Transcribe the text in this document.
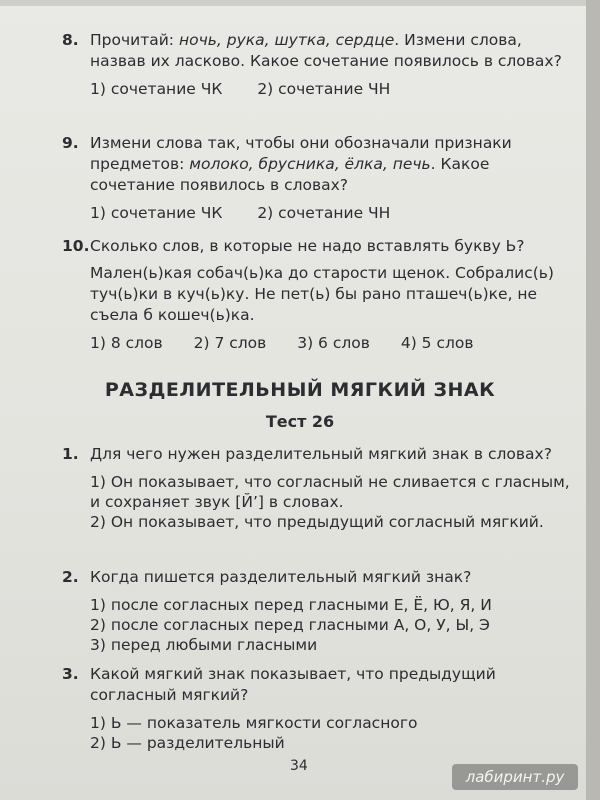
8. Прочитай: ночь, рука, шутка, сердце. Измени слова, назвав их ласково. Какое сочетание появилось в словах?
1) сочетание ЧК 2) сочетание ЧН
9. Измени слова так, чтобы они обозначали признаки предметов: молоко, брусника, ёлка, печь. Какое сочетание появилось в словах?
1) сочетание ЧК 2) сочетание ЧН
10. Сколько слов, в которые не надо вставлять букву Ь?
Мален(ь)кая собач(ь)ка до старости щенок. Собралис(ь) туч(ь)ки в куч(ь)ку. Не пет(ь) бы рано пташеч(ь)ке, не съела б кошеч(ь)ка.
1) 8 слов 2) 7 слов 3) 6 слов 4) 5 слов
РАЗДЕЛИТЕЛЬНЫЙ МЯГКИЙ ЗНАК
Тест 26
1. Для чего нужен разделительный мягкий знак в словах?
1) Он показывает, что согласный не сливается с гласным, и сохраняет звук [Й’] в словах.
2) Он показывает, что предыдущий согласный мягкий.
2. Когда пишется разделительный мягкий знак?
1) после согласных перед гласными Е, Ё, Ю, Я, И
2) после согласных перед гласными А, О, У, Ы, Э
3) перед любыми гласными
3. Какой мягкий знак показывает, что предыдущий согласный мягкий?
1) Ь — показатель мягкости согласного
2) Ь — разделительный
34
лабиринт.ру
